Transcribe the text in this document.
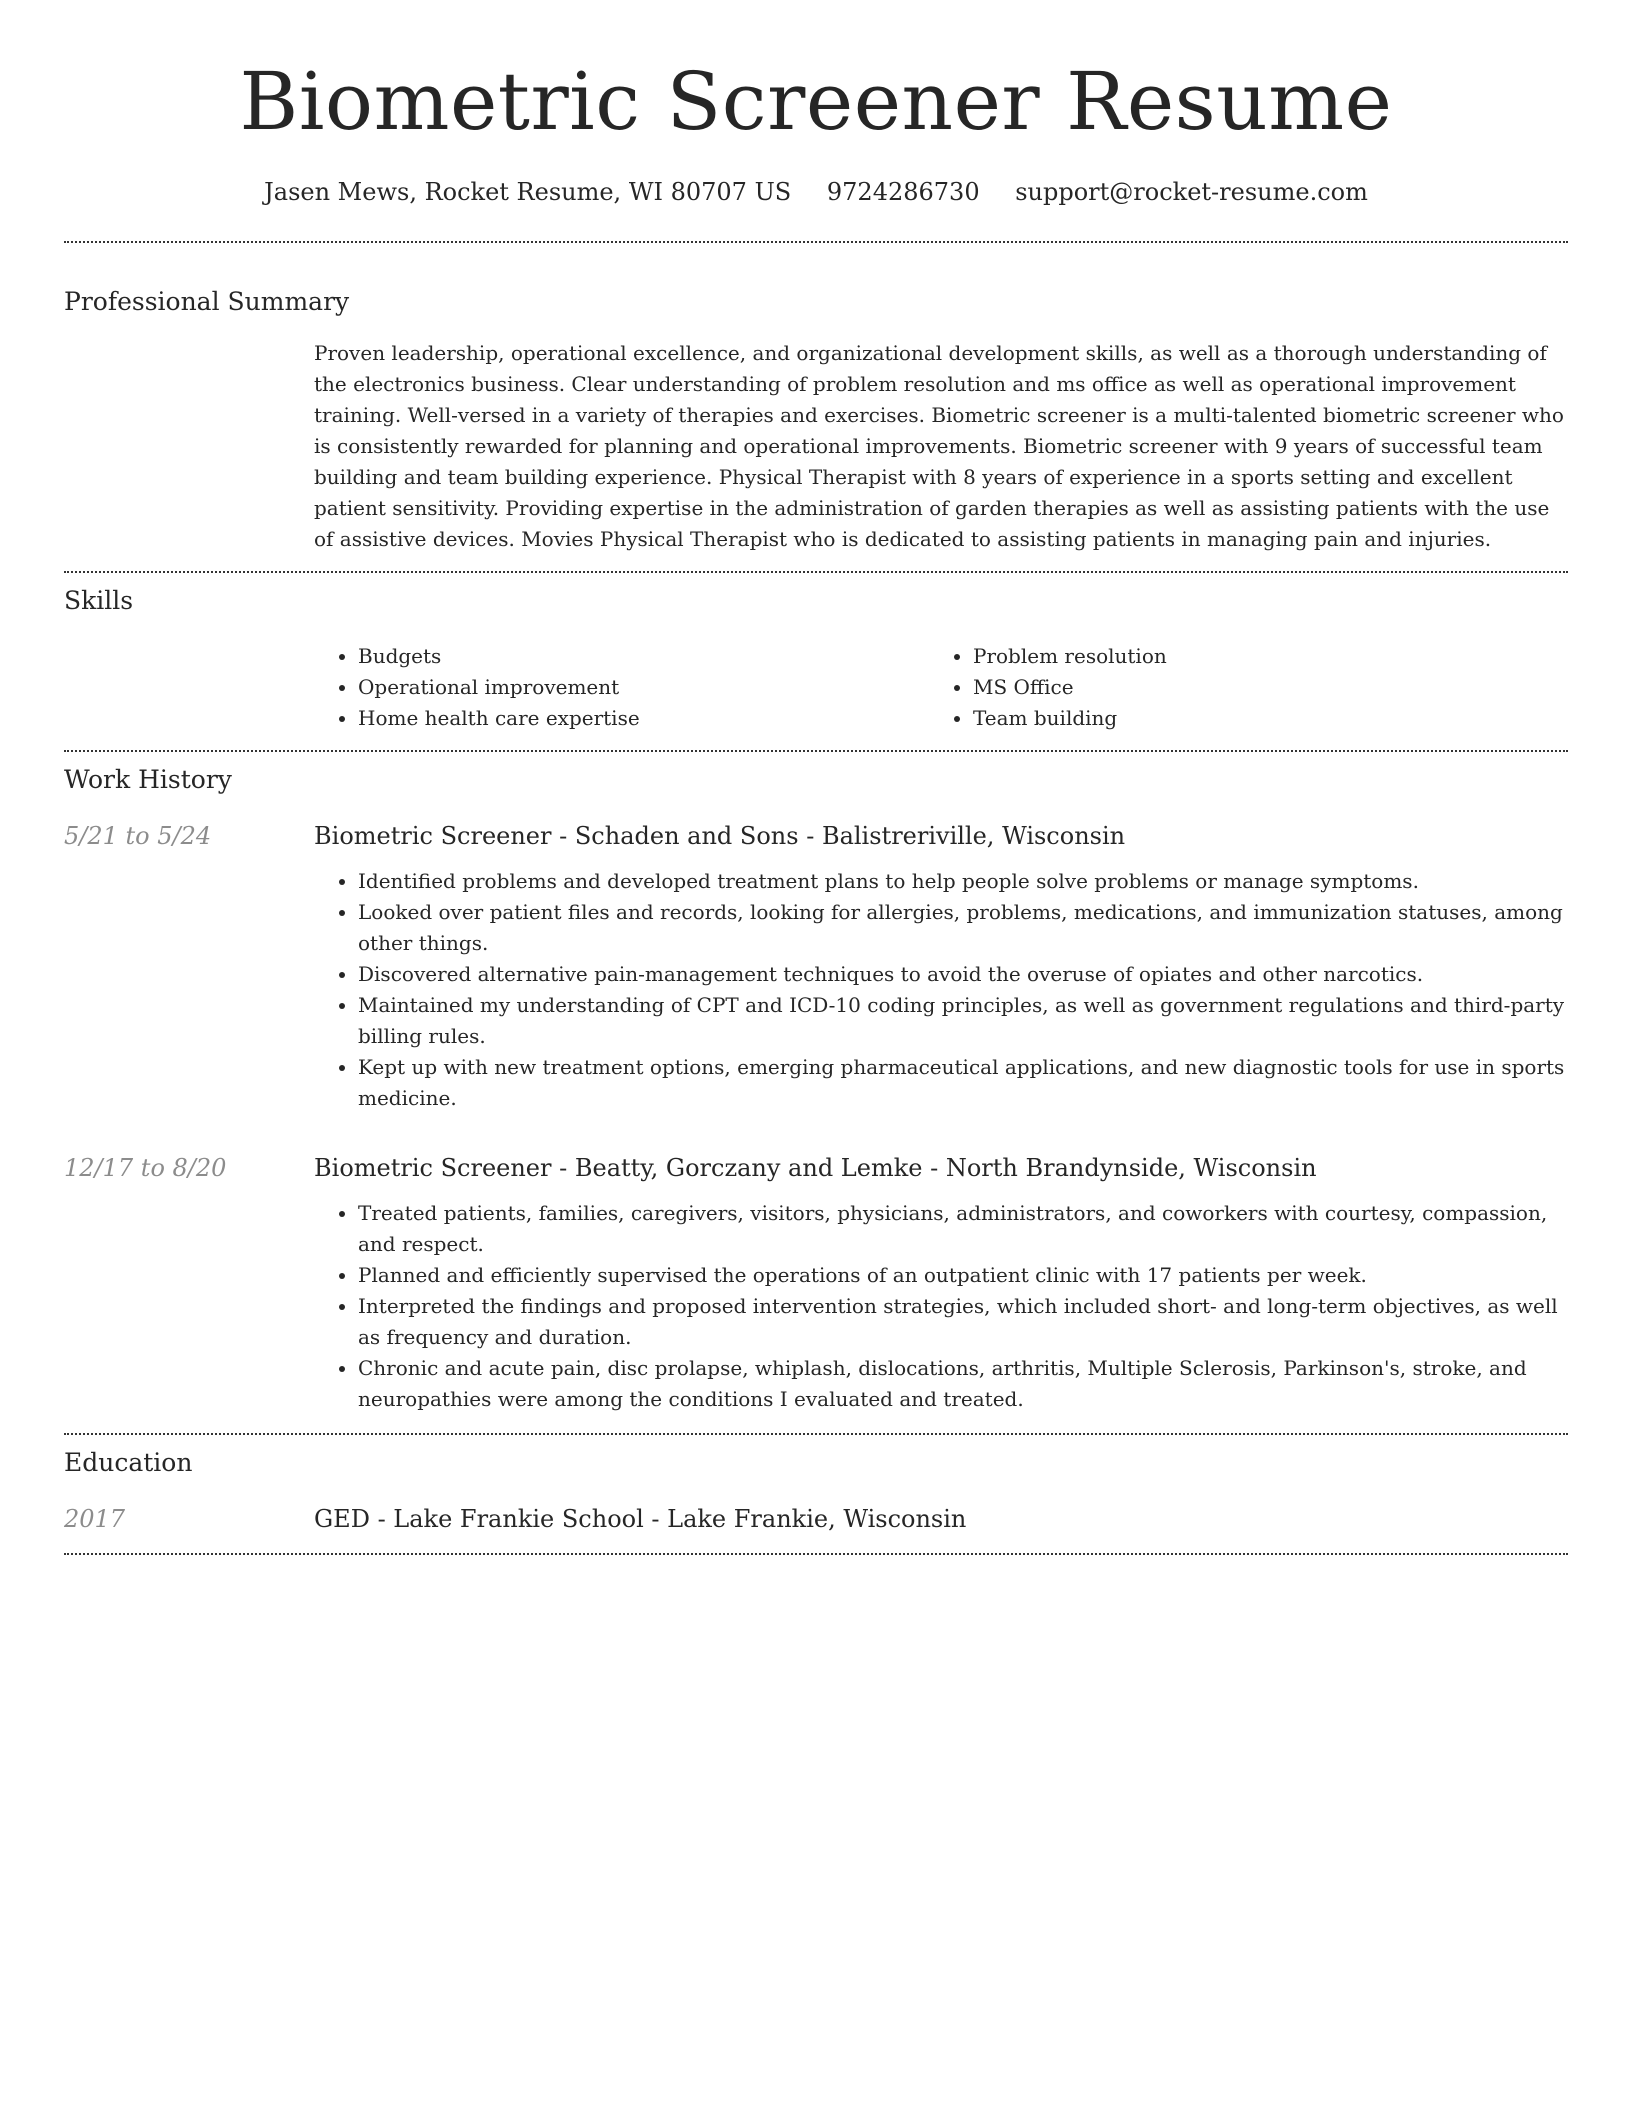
Biometric Screener Resume
Jasen Mews, Rocket Resume, WI 80707 US 9724286730 support@rocket-resume.com
Professional Summary

Proven leadership, operational excellence, and organizational development skills, as well as a thorough understanding of the electronics business. Clear understanding of problem resolution and ms office as well as operational improvement training. Well-versed in a variety of therapies and exercises. Biometric screener is a multi-talented biometric screener who is consistently rewarded for planning and operational improvements. Biometric screener with 9 years of successful team building and team building experience. Physical Therapist with 8 years of experience in a sports setting and excellent patient sensitivity. Providing expertise in the administration of garden therapies as well as assisting patients with the use of assistive devices. Movies Physical Therapist who is dedicated to assisting patients in managing pain and injuries.

Skills
• Budgets
• Operational improvement
• Home health care expertise
• Problem resolution
• MS Office
• Team building
Work History
5/21 to 5/24	Biometric Screener - Schaden and Sons - Balistreriville, Wisconsin
• Identified problems and developed treatment plans to help people solve problems or manage symptoms.
• Looked over patient files and records, looking for allergies, problems, medications, and immunization statuses, among other things.
• Discovered alternative pain-management techniques to avoid the overuse of opiates and other narcotics.
• Maintained my understanding of CPT and ICD-10 coding principles, as well as government regulations and third-party billing rules.
• Kept up with new treatment options, emerging pharmaceutical applications, and new diagnostic tools for use in sports medicine.
12/17 to 8/20	Biometric Screener - Beatty, Gorczany and Lemke - North Brandynside, Wisconsin
• Treated patients, families, caregivers, visitors, physicians, administrators, and coworkers with courtesy, compassion, and respect.
• Planned and efficiently supervised the operations of an outpatient clinic with 17 patients per week.
• Interpreted the findings and proposed intervention strategies, which included short- and long-term objectives, as well as frequency and duration.
• Chronic and acute pain, disc prolapse, whiplash, dislocations, arthritis, Multiple Sclerosis, Parkinson's, stroke, and neuropathies were among the conditions I evaluated and treated.
Education
2017	GED - Lake Frankie School - Lake Frankie, Wisconsin
